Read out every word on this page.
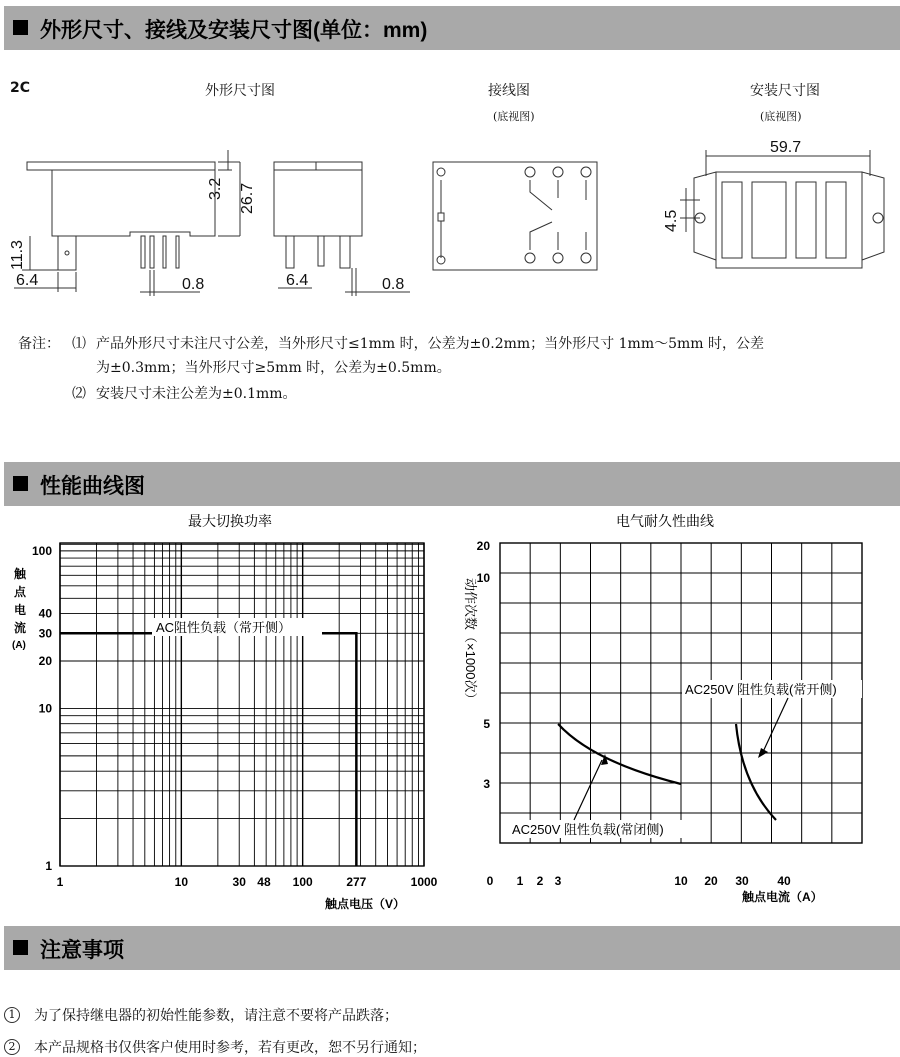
外形尺寸、接线及安装尺寸图(单位：mm)
2C	外形尺寸图	接线图
(底视图)
安装尺寸图
(底视图)
3.2 26.7
11.3
6.4	0.8	6.4	0.8
59.7
4.5
备注： ⑴ 产品外形尺寸未注尺寸公差，当外形尺寸≤1mm 时，公差为±0.2mm；当外形尺寸 1mm～5mm 时，公差
为±0.3mm；当外形尺寸≥5mm 时，公差为±0.5mm。
⑵ 安装尺寸未注公差为±0.1mm。
性能曲线图
最大切换功率
触
点
电
流
(A)
1	10	30 48 100	277	1000
1
10
20
30
40
100
AC阻性负载（常开侧）
触点电压（V）
电气耐久性曲线
0 1 2 3	10 20 30 40
20
10
5
3
动作次数（×1000次）	AC250V 阻性负载(常开侧)
AC250V 阻性负载(常闭侧)
触点电流（A）
注意事项
1	为了保持继电器的初始性能参数，请注意不要将产品跌落；
2	本产品规格书仅供客户使用时参考，若有更改，恕不另行通知；
